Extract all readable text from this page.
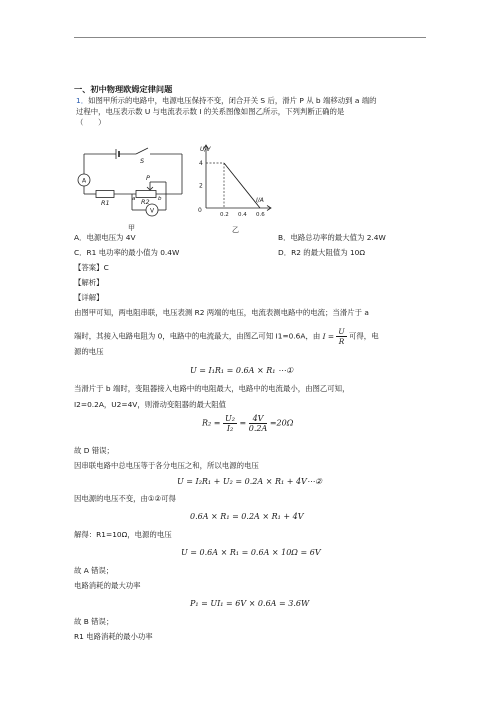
一、初中物理欧姆定律问题
1．如图甲所示的电路中，电源电压保持不变，闭合开关 S 后，滑片 P 从 b 端移动到 a 端的
过程中，电压表示数 U 与电流表示数 I 的关系图像如图乙所示，下列判断正确的是
（　　）
A
V
S
P
R1	R2
a	b
甲
4
2
0.2 0.4 0.6
U/V
I/A
0
乙
A．电源电压为 4V	B．电路总功率的最大值为 2.4W
C．R1 电功率的最小值为 0.4W	D．R2 的最大阻值为 10Ω
【答案】C
【解析】
【详解】
由图甲可知，两电阻串联，电压表测 R2 两端的电压，电流表测电路中的电流；当滑片于 a
端时，其接入电路电阻为 0，电路中的电流最大，由图乙可知 I1=0.6A，由 $I = \frac{U}{R}$ 可得，电
源的电压
U = I₁R₁ = 0.6A × R₁ ⋯①
当滑片于 b 端时，变阻器接入电路中的电阻最大，电路中的电流最小，由图乙可知，
I2=0.2A，U2=4V，则滑动变阻器的最大阻值
$R_2 = \frac{\text{U₂}}{\text{I₂}} = \frac{4V}{0.2A} =20\Omega$
故 D 错误；
因串联电路中总电压等于各分电压之和，所以电源的电压
U = I₂R₁ + U₂ = 0.2A × R₁ + 4V⋯②
因电源的电压不变，由①②可得
0.6A × R₁ = 0.2A × R₁ + 4V
解得：R1=10Ω，电源的电压
U = 0.6A × R₁ = 0.6A × 10Ω = 6V
故 A 错误；
电路消耗的最大功率
P₁ = UI₁ = 6V × 0.6A = 3.6W
故 B 错误；
R1 电路消耗的最小功率
